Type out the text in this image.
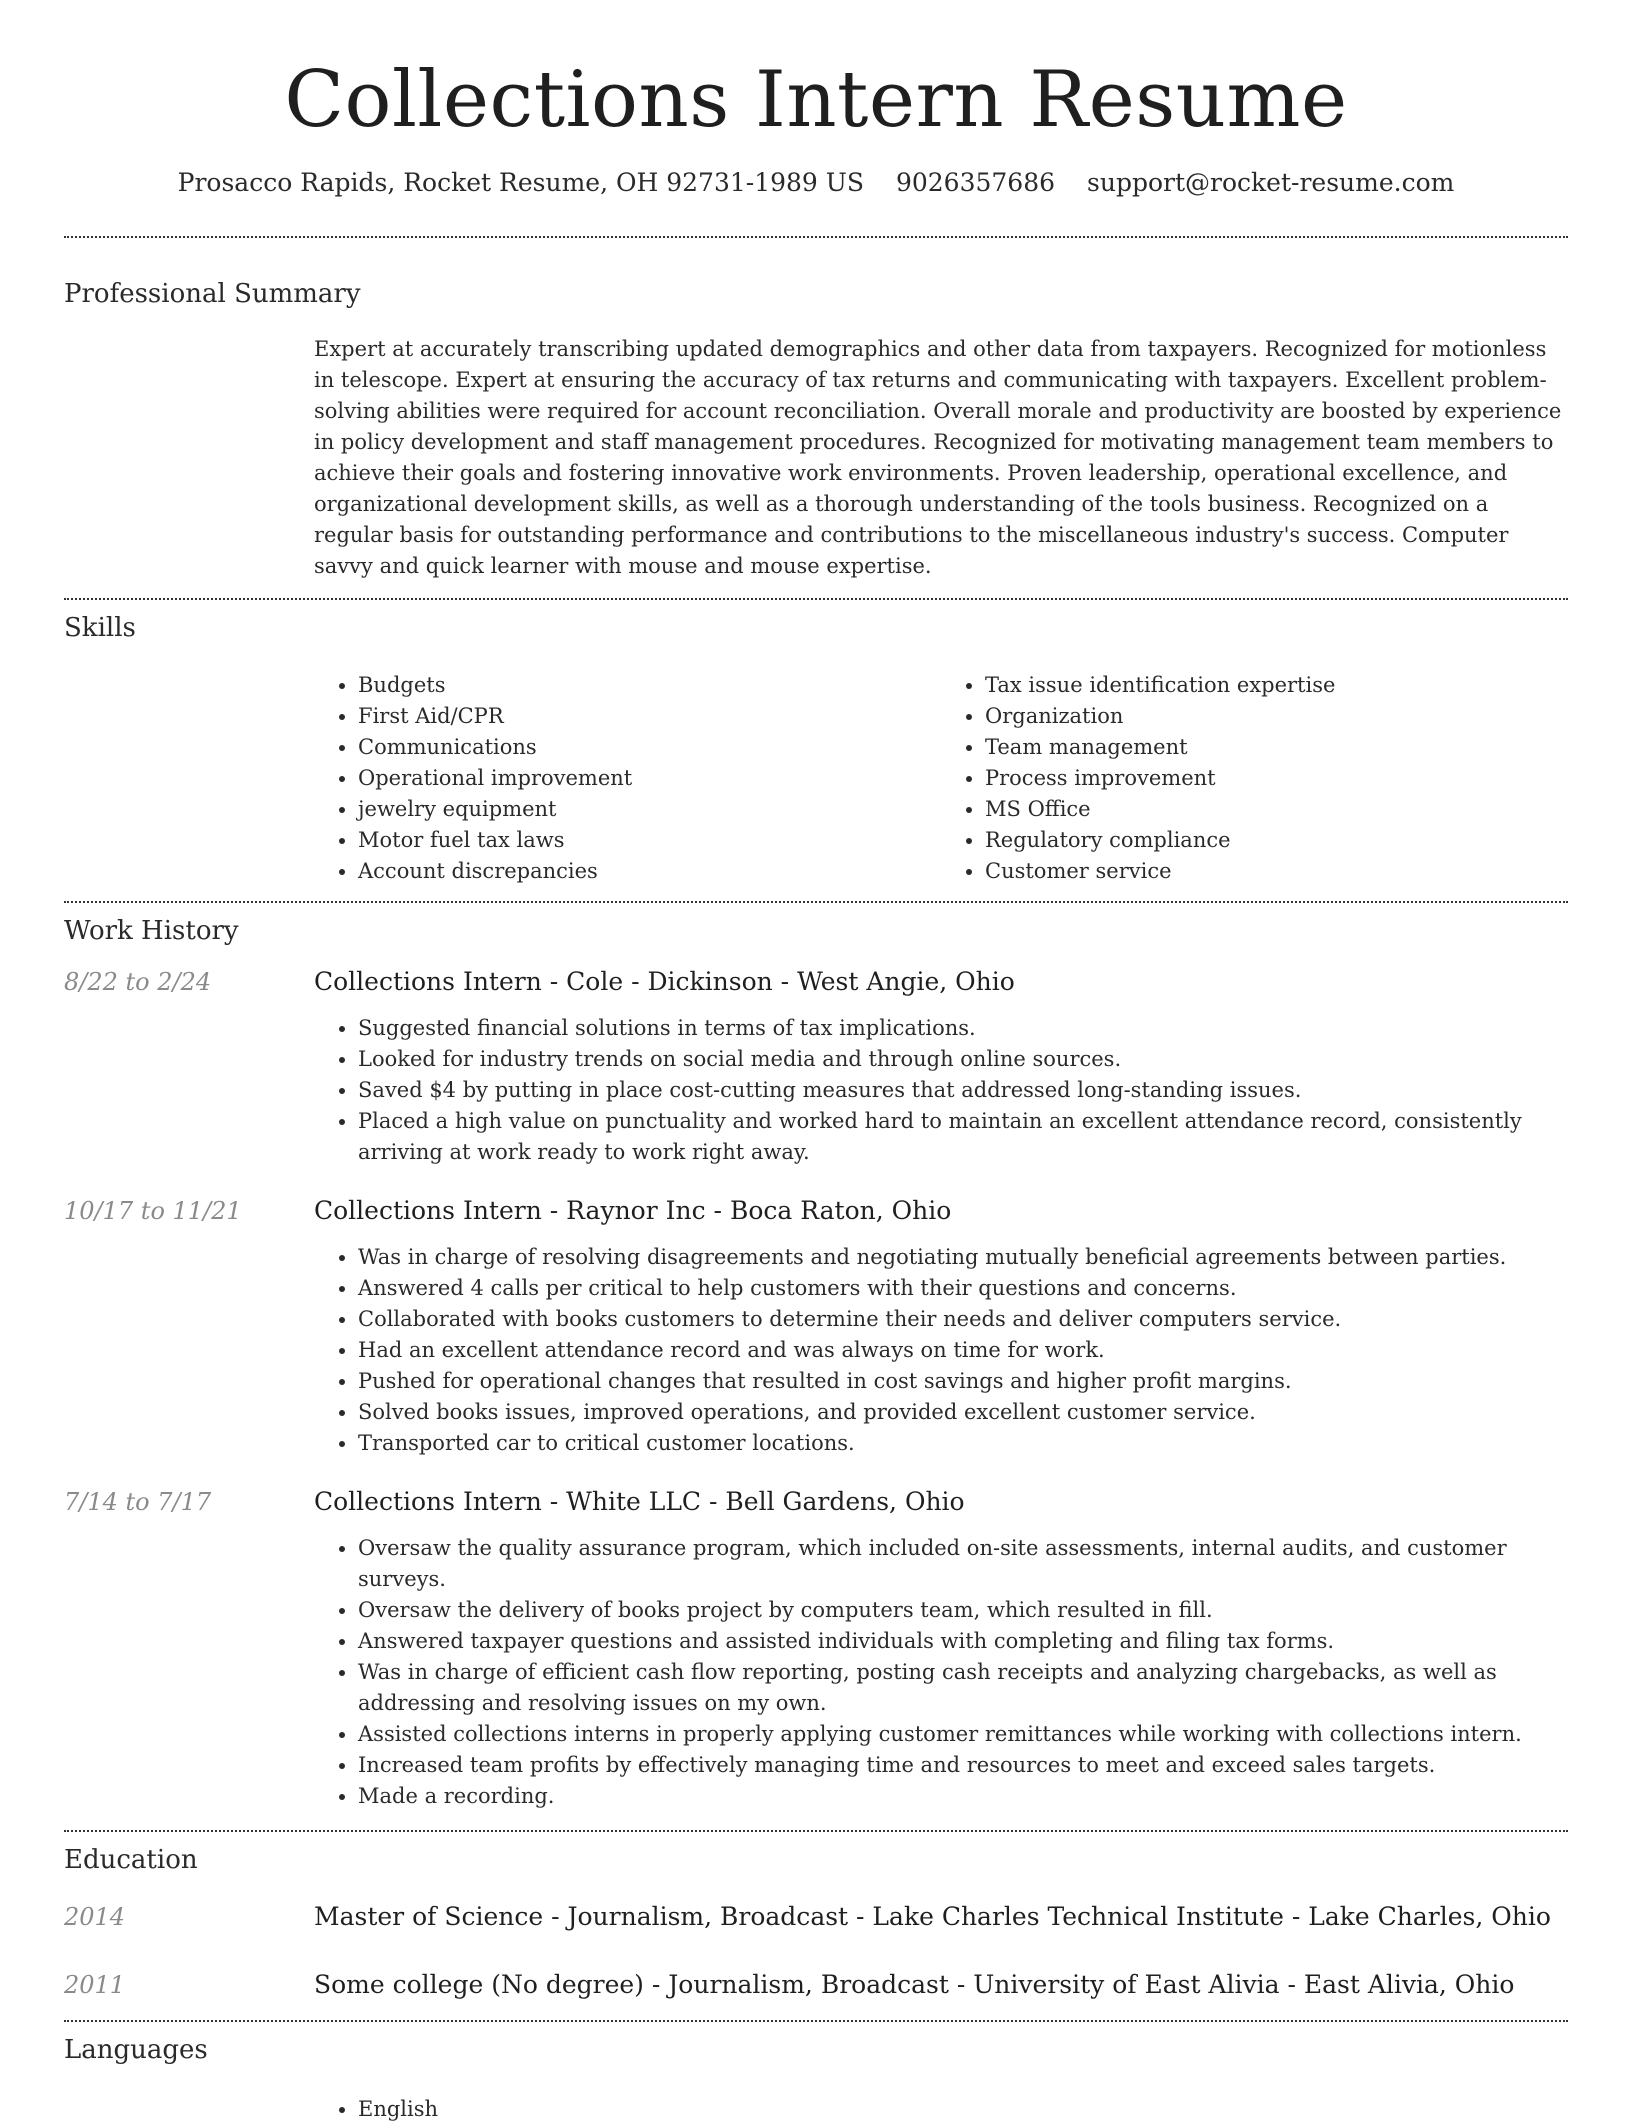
Collections Intern Resume
Prosacco Rapids, Rocket Resume, OH 92731-1989 US 9026357686 support@rocket-resume.com
Professional Summary
Expert at accurately transcribing updated demographics and other data from taxpayers. Recognized for motionless in telescope. Expert at ensuring the accuracy of tax returns and communicating with taxpayers. Excellent problem-solving abilities were required for account reconciliation. Overall morale and productivity are boosted by experience in policy development and staff management procedures. Recognized for motivating management team members to achieve their goals and fostering innovative work environments. Proven leadership, operational excellence, and organizational development skills, as well as a thorough understanding of the tools business. Recognized on a regular basis for outstanding performance and contributions to the miscellaneous industry's success. Computer savvy and quick learner with mouse and mouse expertise.
Skills
• Budgets
• First Aid/CPR
• Communications
• Operational improvement
• jewelry equipment
• Motor fuel tax laws
• Account discrepancies
• Tax issue identification expertise
• Organization
• Team management
• Process improvement
• MS Office
• Regulatory compliance
• Customer service
Work History
8/22 to 2/24	Collections Intern - Cole - Dickinson - West Angie, Ohio
• Suggested financial solutions in terms of tax implications.
• Looked for industry trends on social media and through online sources.
• Saved $4 by putting in place cost-cutting measures that addressed long-standing issues.
• Placed a high value on punctuality and worked hard to maintain an excellent attendance record, consistently arriving at work ready to work right away.
10/17 to 11/21	Collections Intern - Raynor Inc - Boca Raton, Ohio
• Was in charge of resolving disagreements and negotiating mutually beneficial agreements between parties.
• Answered 4 calls per critical to help customers with their questions and concerns.
• Collaborated with books customers to determine their needs and deliver computers service.
• Had an excellent attendance record and was always on time for work.
• Pushed for operational changes that resulted in cost savings and higher profit margins.
• Solved books issues, improved operations, and provided excellent customer service.
• Transported car to critical customer locations.
7/14 to 7/17	Collections Intern - White LLC - Bell Gardens, Ohio
• Oversaw the quality assurance program, which included on-site assessments, internal audits, and customer surveys.
• Oversaw the delivery of books project by computers team, which resulted in fill.
• Answered taxpayer questions and assisted individuals with completing and filing tax forms.
• Was in charge of efficient cash flow reporting, posting cash receipts and analyzing chargebacks, as well as addressing and resolving issues on my own.
• Assisted collections interns in properly applying customer remittances while working with collections intern.
• Increased team profits by effectively managing time and resources to meet and exceed sales targets.
• Made a recording.
Education
2014	Master of Science - Journalism, Broadcast - Lake Charles Technical Institute - Lake Charles, Ohio
2011	Some college (No degree) - Journalism, Broadcast - University of East Alivia - East Alivia, Ohio
Languages
• English
